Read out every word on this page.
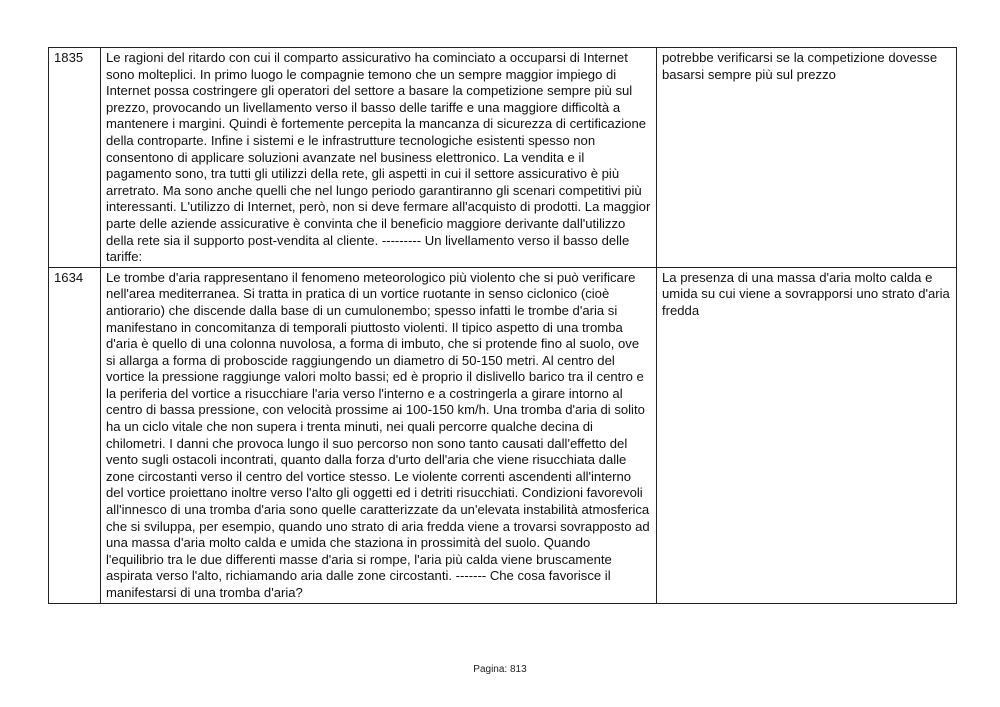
1835	Le ragioni del ritardo con cui il comparto assicurativo ha cominciato a occuparsi di Internet sono molteplici. In primo luogo le compagnie temono che un sempre maggior impiego di Internet possa costringere gli operatori del settore a basare la competizione sempre più sul prezzo, provocando un livellamento verso il basso delle tariffe e una maggiore difficoltà a mantenere i margini. Quindi è fortemente percepita la mancanza di sicurezza di certificazione della controparte. Infine i sistemi e le infrastrutture tecnologiche esistenti spesso non consentono di applicare soluzioni avanzate nel business elettronico. La vendita e il pagamento sono, tra tutti gli utilizzi della rete, gli aspetti in cui il settore assicurativo è più arretrato. Ma sono anche quelli che nel lungo periodo garantiranno gli scenari competitivi più interessanti. L'utilizzo di Internet, però, non si deve fermare all'acquisto di prodotti. La maggior parte delle aziende assicurative è convinta che il beneficio maggiore derivante dall'utilizzo della rete sia il supporto post-vendita al cliente. --------- Un livellamento verso il basso delle tariffe:	potrebbe verificarsi se la competizione dovesse basarsi sempre più sul prezzo
1634	Le trombe d'aria rappresentano il fenomeno meteorologico più violento che si può verificare nell'area mediterranea. Si tratta in pratica di un vortice ruotante in senso ciclonico (cioè antiorario) che discende dalla base di un cumulonembo; spesso infatti le trombe d'aria si manifestano in concomitanza di temporali piuttosto violenti. Il tipico aspetto di una tromba d'aria è quello di una colonna nuvolosa, a forma di imbuto, che si protende fino al suolo, ove si allarga a forma di proboscide raggiungendo un diametro di 50-150 metri. Al centro del vortice la pressione raggiunge valori molto bassi; ed è proprio il dislivello barico tra il centro e la periferia del vortice a risucchiare l'aria verso l'interno e a costringerla a girare intorno al centro di bassa pressione, con velocità prossime ai 100-150 km/h. Una tromba d'aria di solito ha un ciclo vitale che non supera i trenta minuti, nei quali percorre qualche decina di chilometri. I danni che provoca lungo il suo percorso non sono tanto causati dall'effetto del vento sugli ostacoli incontrati, quanto dalla forza d'urto dell'aria che viene risucchiata dalle zone circostanti verso il centro del vortice stesso. Le violente correnti ascendenti all'interno del vortice proiettano inoltre verso l'alto gli oggetti ed i detriti risucchiati. Condizioni favorevoli all'innesco di una tromba d'aria sono quelle caratterizzate da un'elevata instabilità atmosferica che si sviluppa, per esempio, quando uno strato di aria fredda viene a trovarsi sovrapposto ad una massa d'aria molto calda e umida che staziona in prossimità del suolo. Quando l'equilibrio tra le due differenti masse d'aria si rompe, l'aria più calda viene bruscamente aspirata verso l'alto, richiamando aria dalle zone circostanti. ------- Che cosa favorisce il manifestarsi di una tromba d'aria?	La presenza di una massa d'aria molto calda e umida su cui viene a sovrapporsi uno strato d'aria fredda
Pagina: 813
